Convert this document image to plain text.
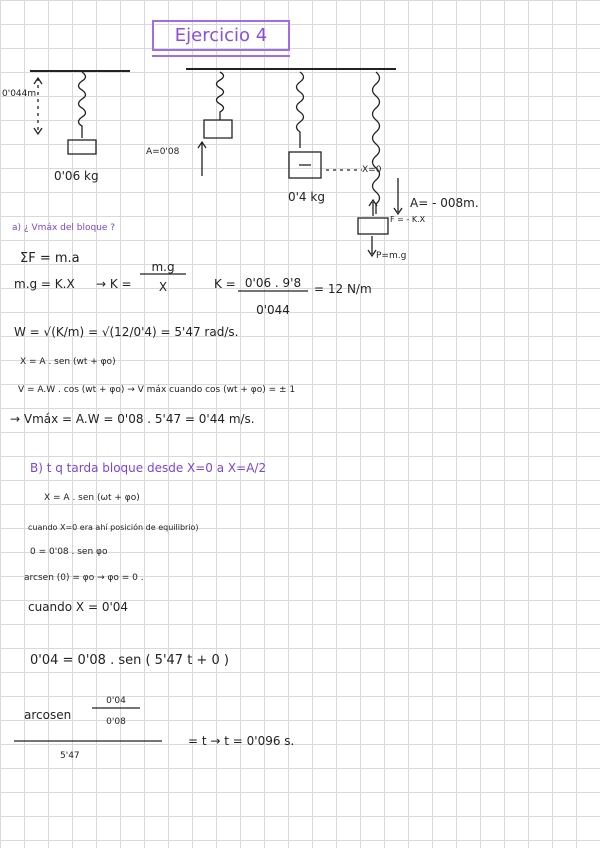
Ejercicio 4
0'044m
0'06 kg
A=0'08
0'4 kg
X=0
A= - 008m.
F = - K.X
P=m.g
a) ¿ Vmáx del bloque ?
ΣF = m.a
m.g = K.X → K =
m.g
X	K = 0'06 . 9'8
0'044
= 12 N/m
W = √(K/m) = √(12/0'4) = 5'47 rad/s.
X = A . sen (wt + φo)
V = A.W . cos (wt + φo) → V máx cuando cos (wt + φo) = ± 1
→ Vmáx = A.W = 0'08 . 5'47 = 0'44 m/s.
B) t q tarda bloque desde X=0 a X=A/2
X = A . sen (ωt + φo)
cuando X=0 era ahí posición de equilibrio)
0 = 0'08 . sen φo
arcsen (0) = φo → φo = 0 .
cuando X = 0'04
0'04 = 0'08 . sen ( 5'47 t + 0 )
arcosen
0'04
0'08
5'47
= t → t = 0'096 s.
